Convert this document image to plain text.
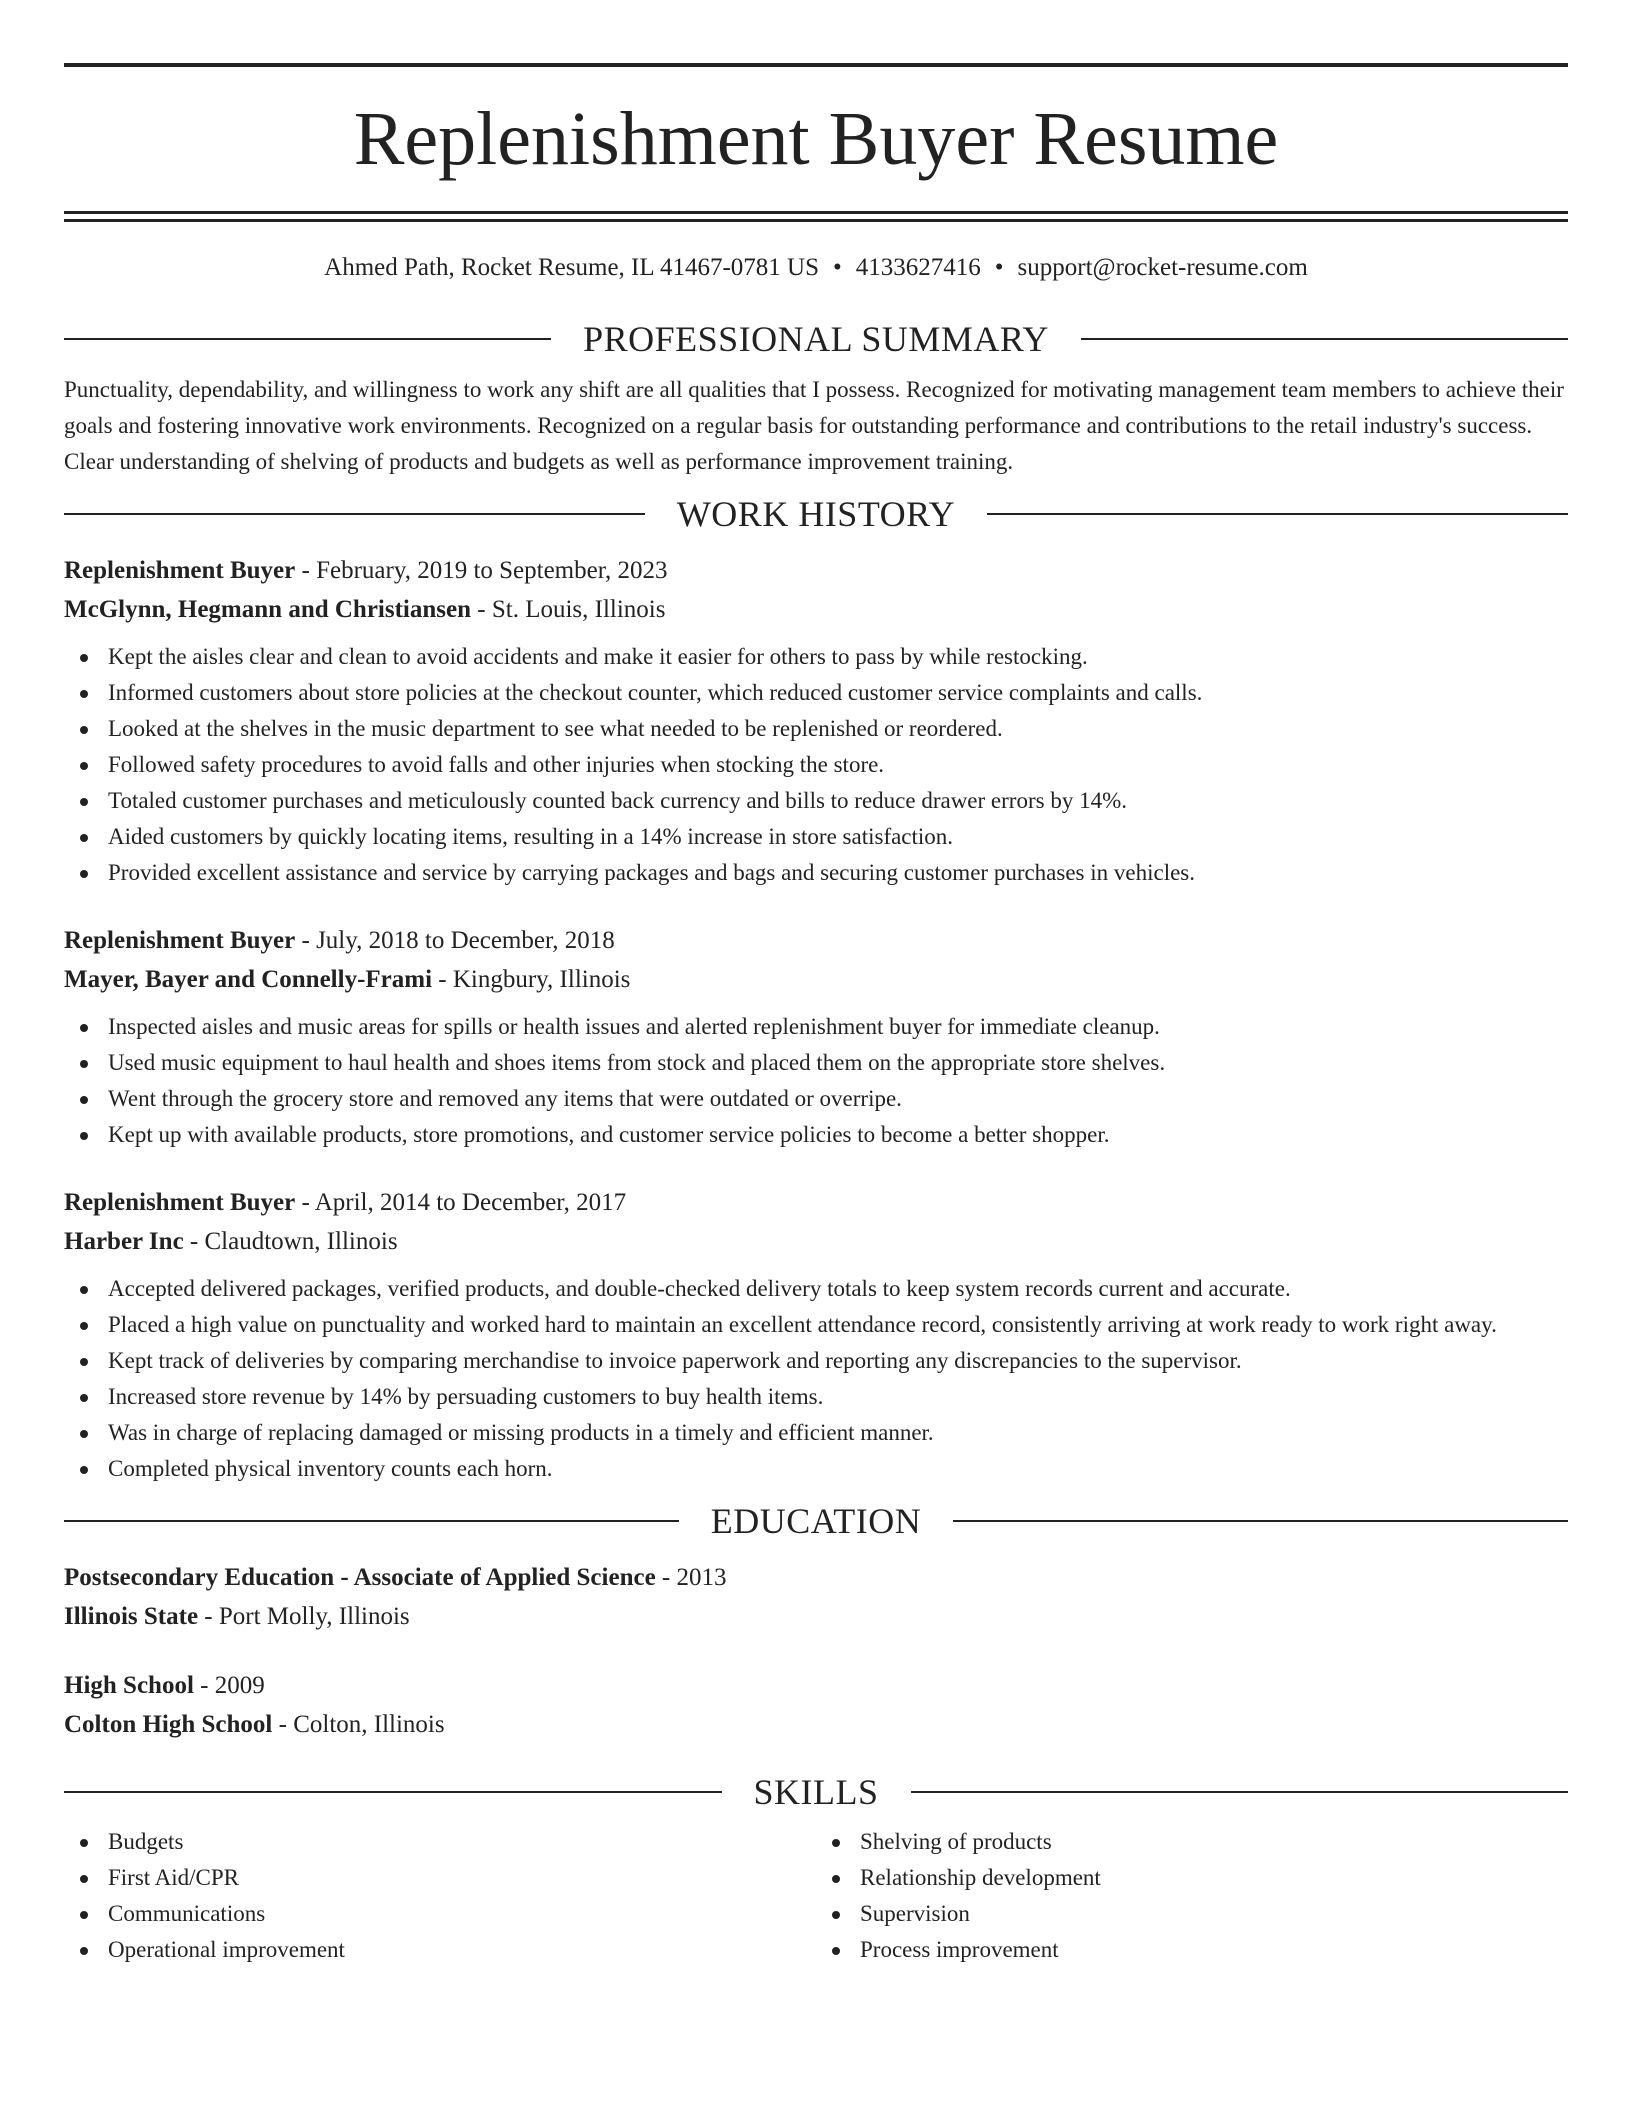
Replenishment Buyer Resume
Ahmed Path, Rocket Resume, IL 41467-0781 US • 4133627416 • support@rocket-resume.com
PROFESSIONAL SUMMARY

Punctuality, dependability, and willingness to work any shift are all qualities that I possess. Recognized for motivating management team members to achieve their goals and fostering innovative work environments. Recognized on a regular basis for outstanding performance and contributions to the retail industry's success. Clear understanding of shelving of products and budgets as well as performance improvement training.

WORK HISTORY
Replenishment Buyer - February, 2019 to September, 2023
McGlynn, Hegmann and Christiansen - St. Louis, Illinois
Kept the aisles clear and clean to avoid accidents and make it easier for others to pass by while restocking.
Informed customers about store policies at the checkout counter, which reduced customer service complaints and calls.
Looked at the shelves in the music department to see what needed to be replenished or reordered.
Followed safety procedures to avoid falls and other injuries when stocking the store.
Totaled customer purchases and meticulously counted back currency and bills to reduce drawer errors by 14%.
Aided customers by quickly locating items, resulting in a 14% increase in store satisfaction.
Provided excellent assistance and service by carrying packages and bags and securing customer purchases in vehicles.
Replenishment Buyer - July, 2018 to December, 2018
Mayer, Bayer and Connelly-Frami - Kingbury, Illinois
Inspected aisles and music areas for spills or health issues and alerted replenishment buyer for immediate cleanup.
Used music equipment to haul health and shoes items from stock and placed them on the appropriate store shelves.
Went through the grocery store and removed any items that were outdated or overripe.
Kept up with available products, store promotions, and customer service policies to become a better shopper.
Replenishment Buyer - April, 2014 to December, 2017
Harber Inc - Claudtown, Illinois
Accepted delivered packages, verified products, and double-checked delivery totals to keep system records current and accurate.
Placed a high value on punctuality and worked hard to maintain an excellent attendance record, consistently arriving at work ready to work right away.
Kept track of deliveries by comparing merchandise to invoice paperwork and reporting any discrepancies to the supervisor.
Increased store revenue by 14% by persuading customers to buy health items.
Was in charge of replacing damaged or missing products in a timely and efficient manner.
Completed physical inventory counts each horn.
EDUCATION
Postsecondary Education - Associate of Applied Science - 2013
Illinois State - Port Molly, Illinois
High School - 2009
Colton High School - Colton, Illinois
SKILLS
Budgets
First Aid/CPR
Communications
Operational improvement
Shelving of products
Relationship development
Supervision
Process improvement
